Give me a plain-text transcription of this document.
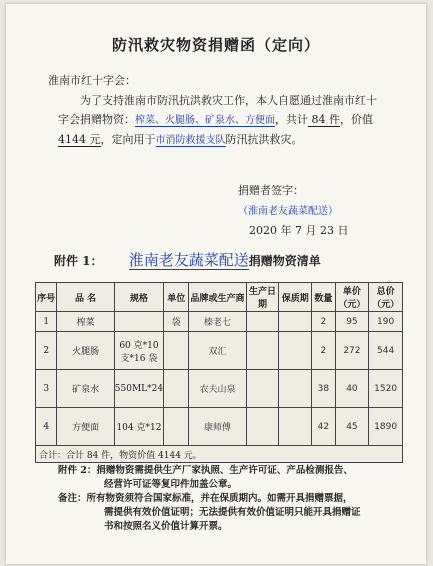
防汛救灾物资捐赠函（定向）
淮南市红十字会：
为了支持淮南市防汛抗洪救灾工作，本人自愿通过淮南市红十字会捐赠物资：榨菜、火腿肠、矿泉水、方便面，共计 84 件，价值 4144 元，定向用于市消防救援支队防汛抗洪救灾。
捐赠者签字：
（淮南老友蔬菜配送）
2020 年 7 月 23 日
附件 1： 淮南老友蔬菜配送捐赠物资清单
序号	品 名	规格	单位	品牌或生产商	生产日期	保质期	数量	单价（元）	总价（元）
1	榨菜		袋	榛老七			2	95	190
2	火腿肠	60 克*10 支*16 袋		双汇			2	272	544
3	矿泉水	550ML*24		农夫山泉			38	40	1520
4	方便面	104 克*12		康师傅			42	45	1890
合计：合计 84 件，物资价值 4144 元。									

附件 2：捐赠物资需提供生产厂家执照、生产许可证、产品检测报告、

经营许可证等复印件加盖公章。

备注：所有物资须符合国家标准，并在保质期内。如需开具捐赠票据，

需提供有效价值证明；无法提供有效价值证明只能开具捐赠证

书和按照名义价值计算开票。
